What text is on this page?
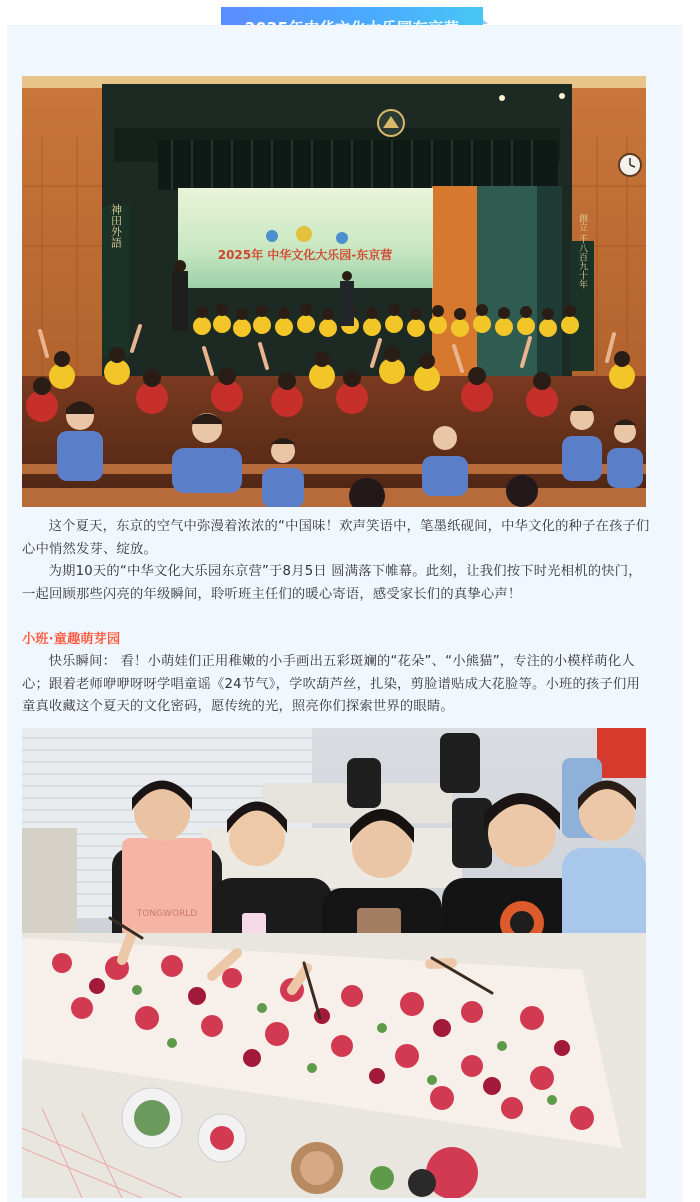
2025年 中华文化大乐园-东京营
神田外語	創立 千八百九十年

这个夏天，东京的空气中弥漫着浓浓的“中国味！欢声笑语中，笔墨纸砚间，中华文化的种子在孩子们心中悄然发芽、绽放。

为期10天的“中华文化大乐园东京营”于8月5日 圆满落下帷幕。此刻，让我们按下时光相机的快门，一起回顾那些闪亮的年级瞬间，聆听班主任们的暖心寄语，感受家长们的真挚心声！

小班·童趣萌芽园

快乐瞬间： 看！小萌娃们正用稚嫩的小手画出五彩斑斓的“花朵”、“小熊猫”，专注的小模样萌化人心；跟着老师咿咿呀呀学唱童谣《24节气》，学吹葫芦丝，扎染，剪脸谱贴成大花脸等。小班的孩子们用童真收藏这个夏天的文化密码，愿传统的光，照亮你们探索世界的眼睛。

TONGWORLD
